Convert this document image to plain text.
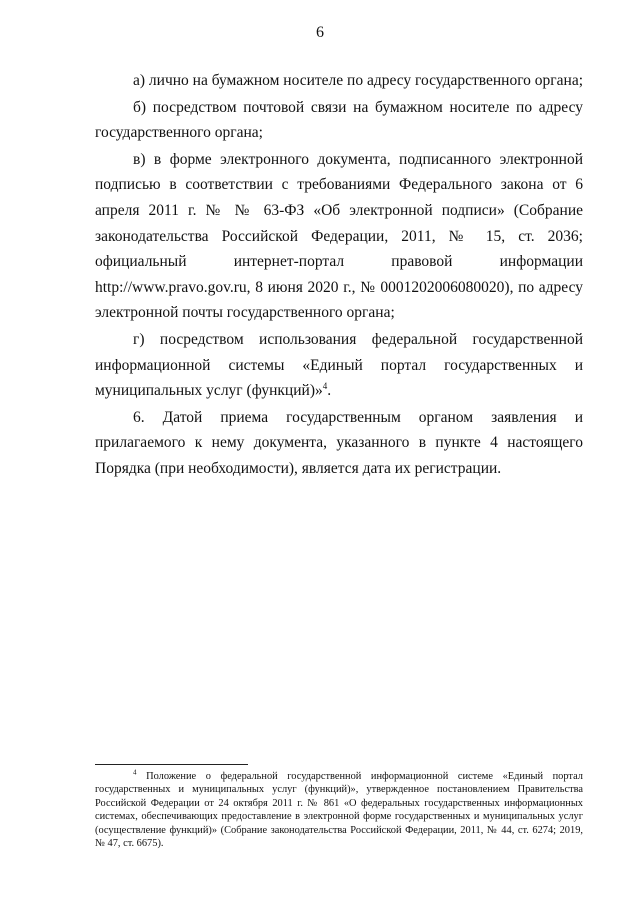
6

а) лично на бумажном носителе по адресу государственного органа;

б) посредством почтовой связи на бумажном носителе по адресу государственного органа;

в) в форме электронного документа, подписанного электронной подписью в соответствии с требованиями Федерального закона от 6 апреля 2011 г. № № 63-ФЗ «Об электронной подписи» (Собрание законодательства Российской Федерации, 2011, № 15, ст. 2036; официальный интернет-портал правовой информации http://www.pravo.gov.ru, 8 июня 2020 г., № 0001202006080020), по адресу электронной почты государственного органа;

г) посредством использования федеральной государственной информационной системы «Единый портал государственных и муниципальных услуг (функций)»$^4$.

6. Датой приема государственным органом заявления и прилагаемого к нему документа, указанного в пункте 4 настоящего Порядка (при необходимости), является дата их регистрации.

$^4$ Положение о федеральной государственной информационной системе «Единый портал государственных и муниципальных услуг (функций)», утвержденное постановлением Правительства Российской Федерации от 24 октября 2011 г. № 861 «О федеральных государственных информационных системах, обеспечивающих предоставление в электронной форме государственных и муниципальных услуг (осуществление функций)» (Собрание законодательства Российской Федерации, 2011, № 44, ст. 6274; 2019, № 47, ст. 6675).
